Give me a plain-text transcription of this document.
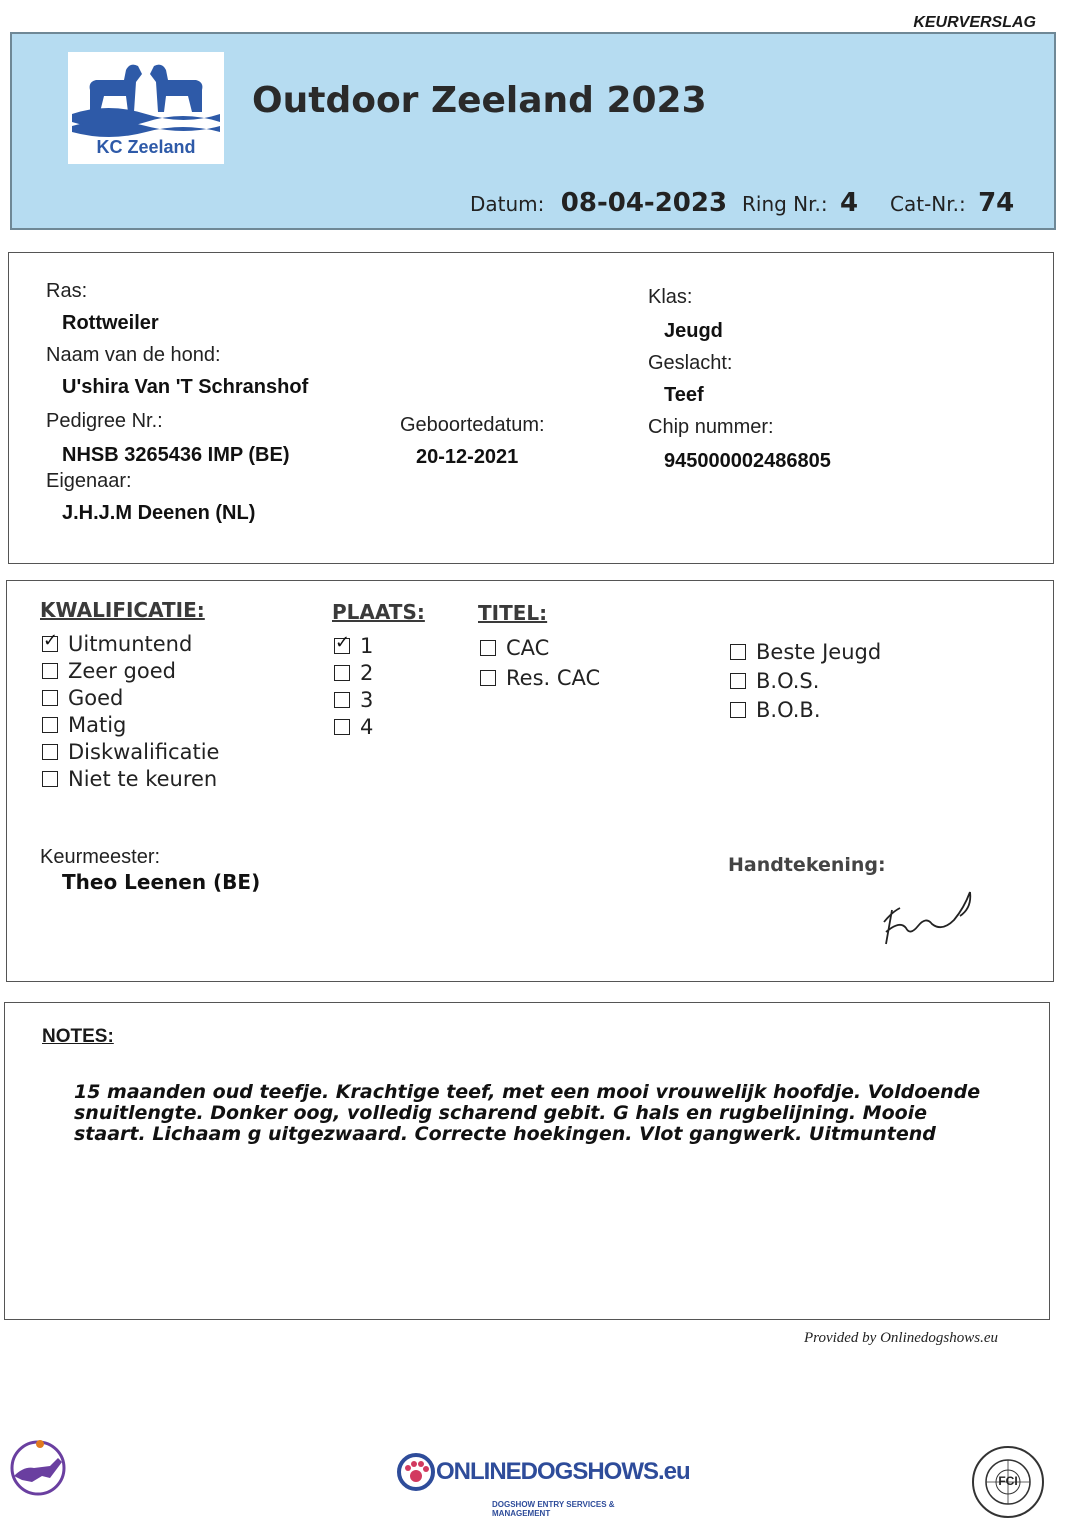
KEURVERSLAG
KC Zeeland
Outdoor Zeeland 2023
Datum: 08-04-2023 Ring Nr.: 4 Cat-Nr.: 74
Ras:
Rottweiler
Naam van de hond:
U'shira Van 'T Schranshof
Pedigree Nr.:
NHSB 3265436 IMP (BE)
Geboortedatum:
20-12-2021
Eigenaar:
J.H.J.M Deenen (NL)
Klas:
Jeugd
Geslacht:
Teef
Chip nummer:
945000002486805
KWALIFICATIE:
✓
Uitmuntend
Zeer goed
Goed
Matig
Diskwalificatie
Niet te keuren
PLAATS:
✓
1
2
3
4
TITEL:
CAC
Res. CAC
Beste Jeugd
B.O.S.
B.O.B.
Keurmeester:
Theo Leenen (BE)
Handtekening:
NOTES:
15 maanden oud teefje. Krachtige teef, met een mooi vrouwelijk hoofdje. Voldoende
snuitlengte. Donker oog, volledig scharend gebit. G hals en rugbelijning. Mooie
staart. Lichaam g uitgezwaard. Correcte hoekingen. Vlot gangwerk. Uitmuntend
Provided by Onlinedogshows.eu
ONLINEDOGSHOWS.eu
DOGSHOW ENTRY SERVICES & MANAGEMENT
FCI
